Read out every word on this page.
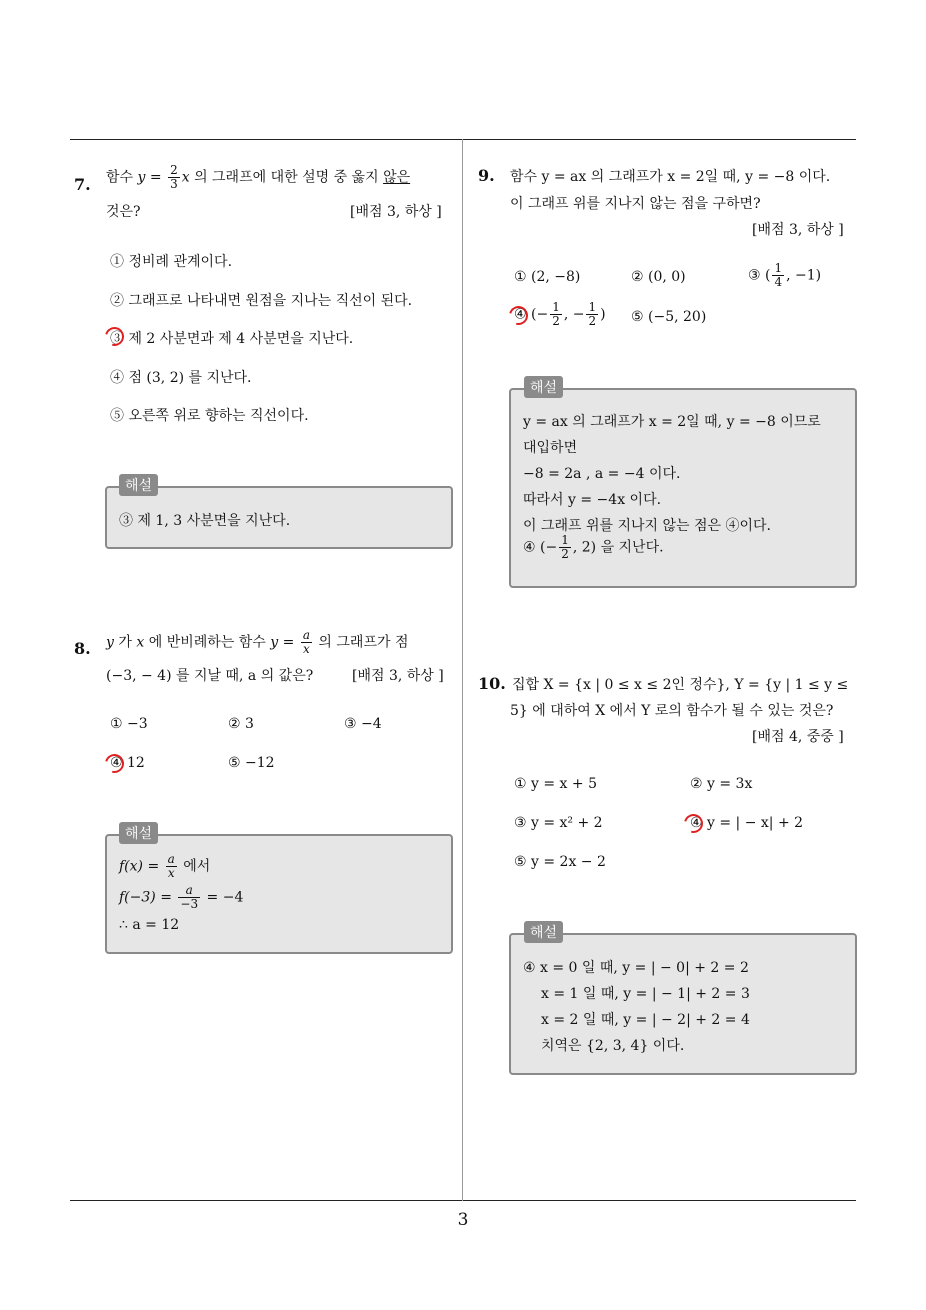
3
7. 함수 $y = \frac{2}{3}$ x 의 그래프에 대한 설명 중 옳지 않은
것은?	[배점 3, 하상 ]
① 정비례 관계이다.
② 그래프로 나타내면 원점을 지나는 직선이 된다.
③ 제 2 사분면과 제 4 사분면을 지난다.
④ 점 (3, 2) 를 지난다.
⑤ 오른쪽 위로 향하는 직선이다.
해설
③ 제 1, 3 사분면을 지난다.
8. y 가 x 에 반비례하는 함수 $y = \frac{a}{x}$ 의 그래프가 점
(−3, − 4) 를 지날 때, a 의 값은?	[배점 3, 하상 ]
① −3	② 3	③ −4
④ 12	⑤ −12
해설
$f(x) = \frac{a}{x}$ 에서
$f(-3) = \frac{a}{-3} = -4$
∴ a = 12
9. 함수 y = ax 의 그래프가 x = 2일 때, y = −8 이다.
이 그래프 위를 지나지 않는 점을 구하면?
[배점 3, 하상 ]
① (2, −8)	② (0, 0)	③ ( $\frac{1}{4}$ , −1)
④ (− $\frac{1}{2}$ , − $\frac{1}{2}$ ) ⑤ (−5, 20)
해설
y = ax 의 그래프가 x = 2일 때, y = −8 이므로
대입하면
−8 = 2a , a = −4 이다.
따라서 y = −4x 이다.
이 그래프 위를 지나지 않는 점은 ④이다.
④ (− $\frac{1}{2}$ , 2) 을 지난다.
10. 집합 X = {x | 0 ≤ x ≤ 2인 정수}, Y = {y | 1 ≤ y ≤
5} 에 대하여 X 에서 Y 로의 함수가 될 수 있는 것은?
[배점 4, 중중 ]
① y = x + 5	② y = 3x
③ y = x² + 2	④ y = | − x| + 2
⑤ y = 2x − 2
해설
④ x = 0 일 때, y = | − 0| + 2 = 2
x = 1 일 때, y = | − 1| + 2 = 3
x = 2 일 때, y = | − 2| + 2 = 4
치역은 {2, 3, 4} 이다.
